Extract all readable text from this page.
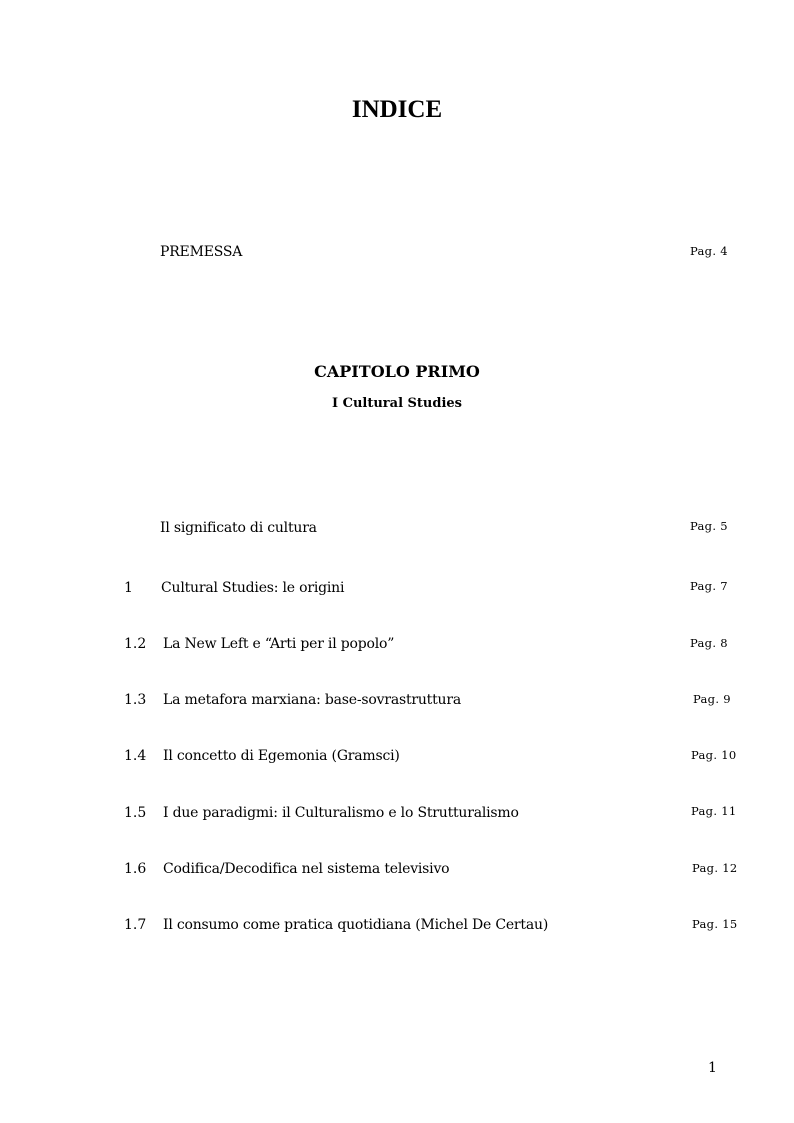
INDICE
PREMESSA	Pag. 4
CAPITOLO PRIMO
I Cultural Studies
Il significato di cultura	Pag. 5
1 Cultural Studies: le origini	Pag. 7
1.2 La New Left e “Arti per il popolo”	Pag. 8
1.3 La metafora marxiana: base-sovrastruttura	Pag. 9
1.4 Il concetto di Egemonia (Gramsci)	Pag. 10
1.5 I due paradigmi: il Culturalismo e lo Strutturalismo	Pag. 11
1.6 Codifica/Decodifica nel sistema televisivo	Pag. 12
1.7 Il consumo come pratica quotidiana (Michel De Certau)	Pag. 15
1
